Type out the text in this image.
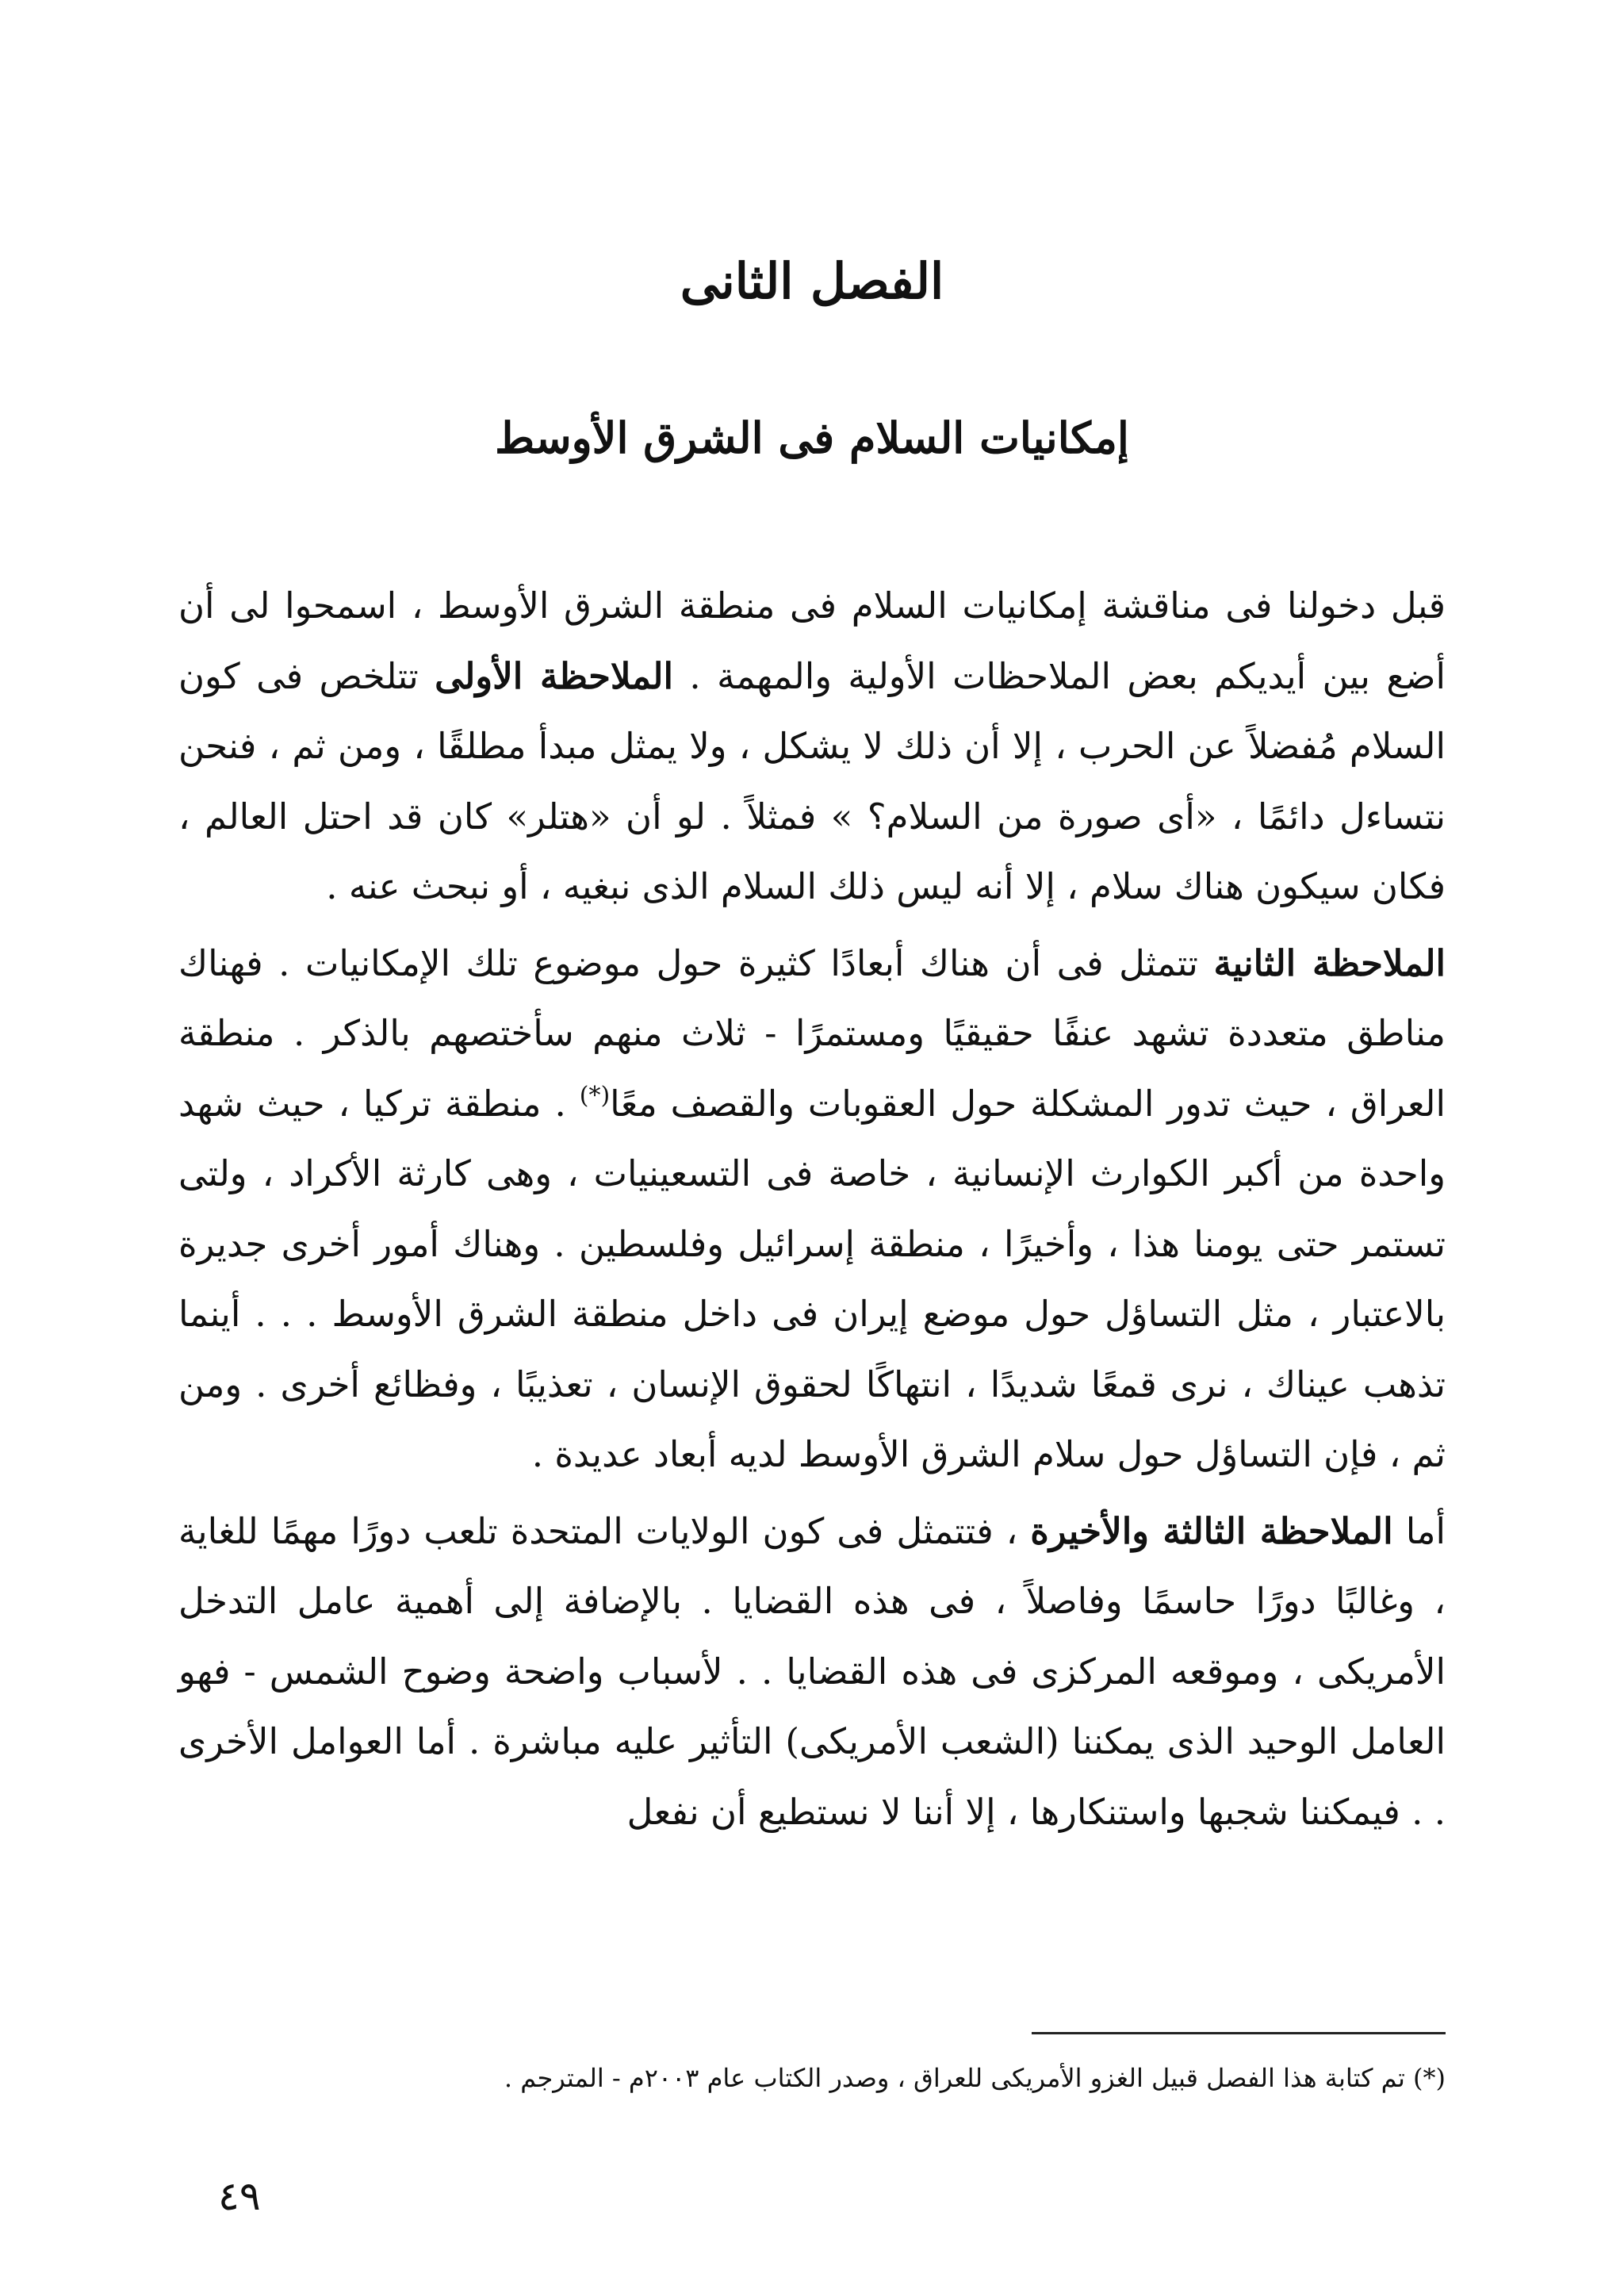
الفصل الثانى
إمكانيات السلام فى الشرق الأوسط

قبل دخولنا فى مناقشة إمكانيات السلام فى منطقة الشرق الأوسط ، اسمحوا لى أن أضع بين أيديكم بعض الملاحظات الأولية والمهمة . الملاحظة الأولى تتلخص فى كون السلام مُفضلاً عن الحرب ، إلا أن ذلك لا يشكل ، ولا يمثل مبدأ مطلقًا ، ومن ثم ، فنحن نتساءل دائمًا ، «أى صورة من السلام؟ » فمثلاً . لو أن «هتلر» كان قد احتل العالم ، فكان سيكون هناك سلام ، إلا أنه ليس ذلك السلام الذى نبغيه ، أو نبحث عنه .

الملاحظة الثانية تتمثل فى أن هناك أبعادًا كثيرة حول موضوع تلك الإمكانيات . فهناك مناطق متعددة تشهد عنفًا حقيقيًا ومستمرًا - ثلاث منهم سأختصهم بالذكر . منطقة العراق ، حيث تدور المشكلة حول العقوبات والقصف معًا(*) . منطقة تركيا ، حيث شهد واحدة من أكبر الكوارث الإنسانية ، خاصة فى التسعينيات ، وهى كارثة الأكراد ، ولتى تستمر حتى يومنا هذا ، وأخيرًا ، منطقة إسرائيل وفلسطين . وهناك أمور أخرى جديرة بالاعتبار ، مثل التساؤل حول موضع إيران فى داخل منطقة الشرق الأوسط . . . أينما تذهب عيناك ، نرى قمعًا شديدًا ، انتهاكًا لحقوق الإنسان ، تعذيبًا ، وفظائع أخرى . ومن ثم ، فإن التساؤل حول سلام الشرق الأوسط لديه أبعاد عديدة .

أما الملاحظة الثالثة والأخيرة ، فتتمثل فى كون الولايات المتحدة تلعب دورًا مهمًا للغاية ، وغالبًا دورًا حاسمًا وفاصلاً ، فى هذه القضايا . بالإضافة إلى أهمية عامل التدخل الأمريكى ، وموقعه المركزى فى هذه القضايا . . لأسباب واضحة وضوح الشمس - فهو العامل الوحيد الذى يمكننا (الشعب الأمريكى) التأثير عليه مباشرة . أما العوامل الأخرى . . فيمكننا شجبها واستنكارها ، إلا أننا لا نستطيع أن نفعل

(*) تم كتابة هذا الفصل قبيل الغزو الأمريكى للعراق ، وصدر الكتاب عام ٢٠٠٣م - المترجم .

٤٩
